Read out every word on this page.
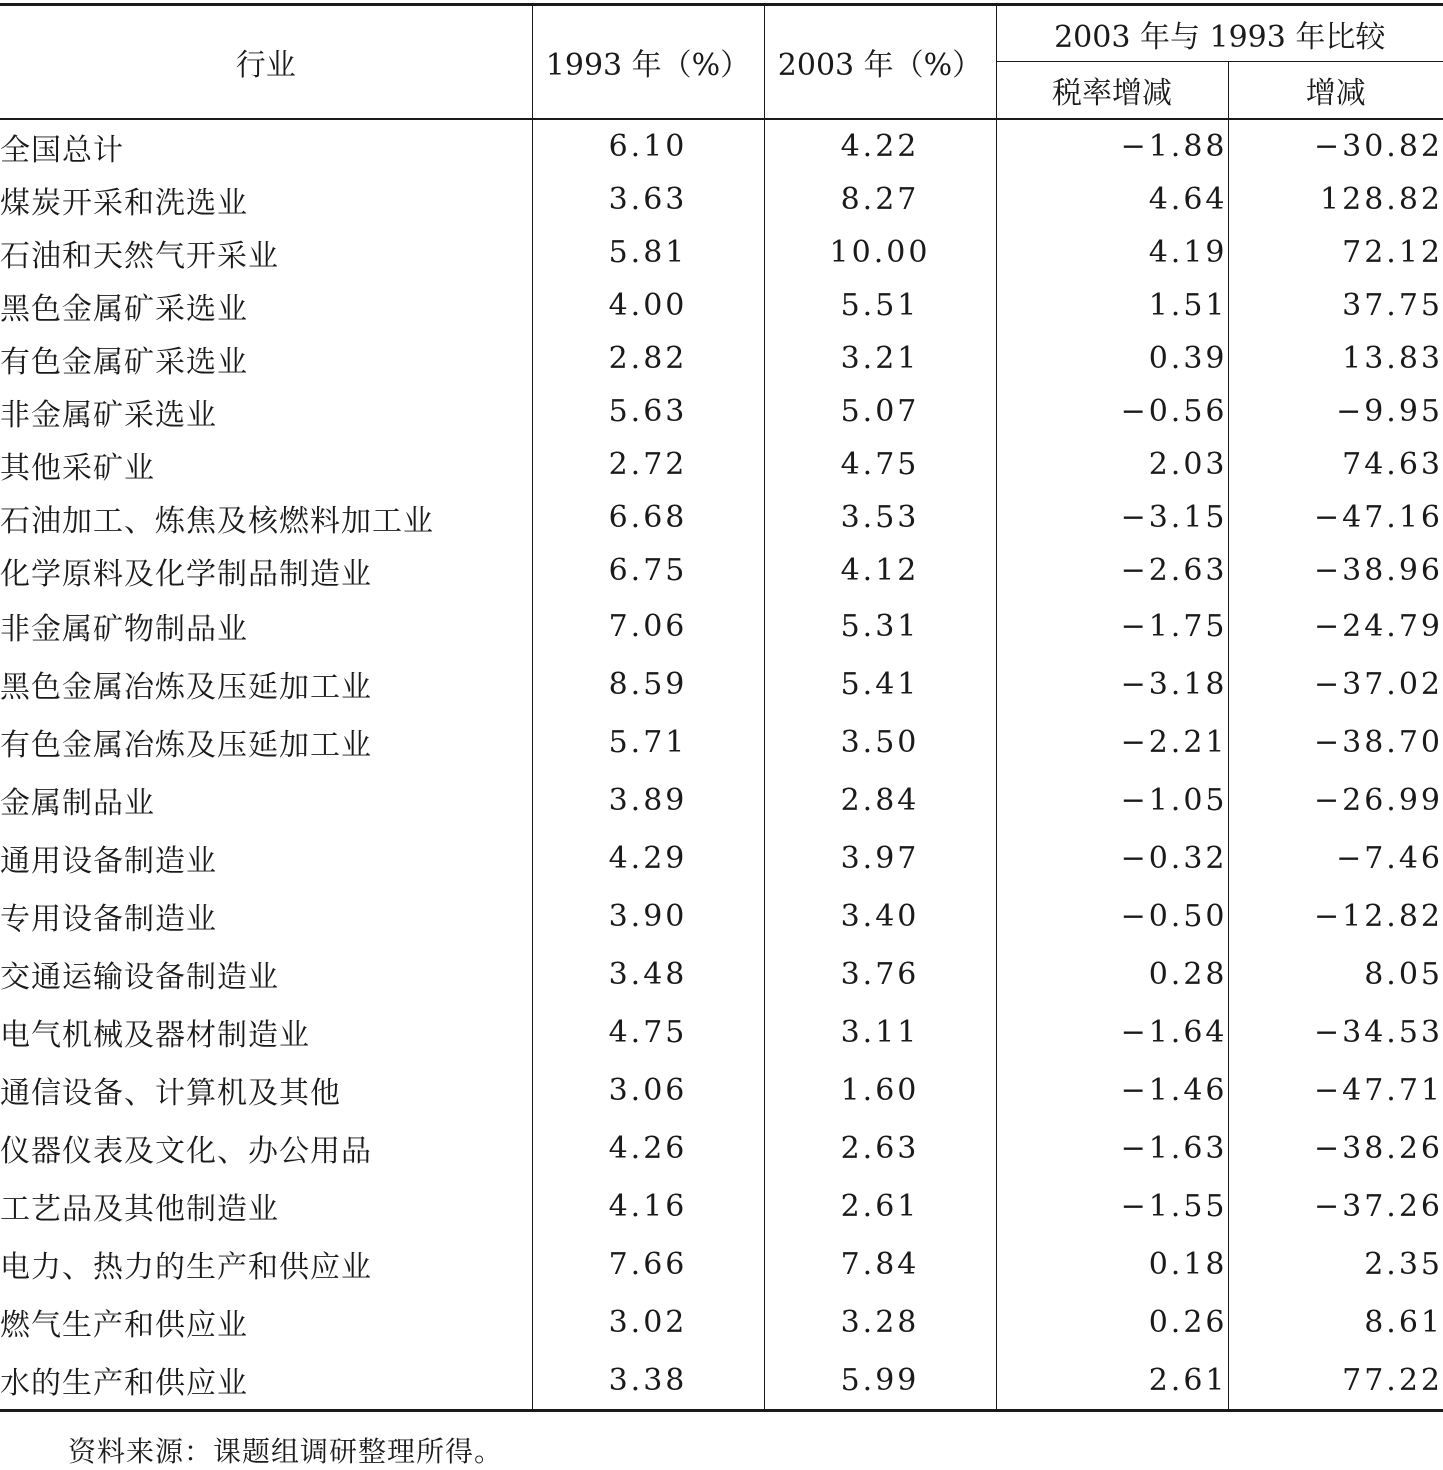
行业	1993 年（%）	2003 年（%）	2003 年与 1993 年比较	
			税率增减	增减
全国总计	6.10	4.22	−1.88	−30.82
煤炭开采和洗选业	3.63	8.27	4.64	128.82
石油和天然气开采业	5.81	10.00	4.19	72.12
黑色金属矿采选业	4.00	5.51	1.51	37.75
有色金属矿采选业	2.82	3.21	0.39	13.83
非金属矿采选业	5.63	5.07	−0.56	−9.95
其他采矿业	2.72	4.75	2.03	74.63
石油加工、炼焦及核燃料加工业	6.68	3.53	−3.15	−47.16
化学原料及化学制品制造业	6.75	4.12	−2.63	−38.96
非金属矿物制品业	7.06	5.31	−1.75	−24.79
黑色金属冶炼及压延加工业	8.59	5.41	−3.18	−37.02
有色金属冶炼及压延加工业	5.71	3.50	−2.21	−38.70
金属制品业	3.89	2.84	−1.05	−26.99
通用设备制造业	4.29	3.97	−0.32	−7.46
专用设备制造业	3.90	3.40	−0.50	−12.82
交通运输设备制造业	3.48	3.76	0.28	8.05
电气机械及器材制造业	4.75	3.11	−1.64	−34.53
通信设备、计算机及其他	3.06	1.60	−1.46	−47.71
仪器仪表及文化、办公用品	4.26	2.63	−1.63	−38.26
工艺品及其他制造业	4.16	2.61	−1.55	−37.26
电力、热力的生产和供应业	7.66	7.84	0.18	2.35
燃气生产和供应业	3.02	3.28	0.26	8.61
水的生产和供应业	3.38	5.99	2.61	77.22
资料来源：课题组调研整理所得。
